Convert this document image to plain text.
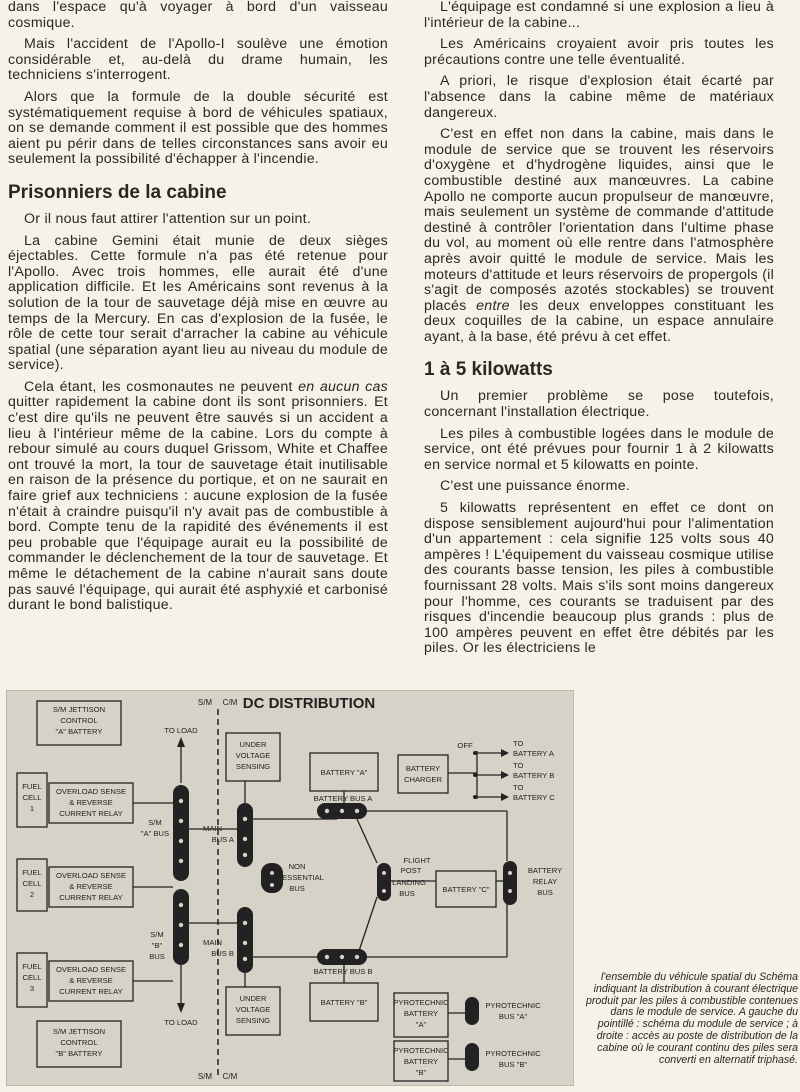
dans l'espace qu'à voyager à bord d'un vaisseau cosmique.

Mais l'accident de l'Apollo-I soulève une émotion considérable et, au-delà du drame humain, les techniciens s'interrogent.

Alors que la formule de la double sécurité est systématiquement requise à bord de véhicules spatiaux, on se demande comment il est possible que des hommes aient pu périr dans de telles circonstances sans avoir eu seulement la possibilité d'échapper à l'incendie.

Prisonniers de la cabine

Or il nous faut attirer l'attention sur un point.

La cabine Gemini était munie de deux sièges éjectables. Cette formule n'a pas été retenue pour l'Apollo. Avec trois hommes, elle aurait été d'une application difficile. Et les Américains sont revenus à la solution de la tour de sauvetage déjà mise en œuvre au temps de la Mercury. En cas d'explosion de la fusée, le rôle de cette tour serait d'arracher la cabine au véhicule spatial (une séparation ayant lieu au niveau du module de service).

Cela étant, les cosmonautes ne peuvent en aucun cas quitter rapidement la cabine dont ils sont prisonniers. Et c'est dire qu'ils ne peuvent être sauvés si un accident a lieu à l'intérieur même de la cabine. Lors du compte à rebour simulé au cours duquel Grissom, White et Chaffee ont trouvé la mort, la tour de sauvetage était inutilisable en raison de la présence du portique, et on ne saurait en faire grief aux techniciens : aucune explosion de la fusée n'était à craindre puisqu'il n'y avait pas de combustible à bord. Compte tenu de la rapidité des événements il est peu probable que l'équipage aurait eu la possibilité de commander le déclenchement de la tour de sauvetage. Et même le détachement de la cabine n'aurait sans doute pas sauvé l'équipage, qui aurait été asphyxié et carbonisé durant le bond balistique.

L'équipage est condamné si une explosion a lieu à l'intérieur de la cabine...

Les Américains croyaient avoir pris toutes les précautions contre une telle éventualité.

A priori, le risque d'explosion était écarté par l'absence dans la cabine même de matériaux dangereux.

C'est en effet non dans la cabine, mais dans le module de service que se trouvent les réservoirs d'oxygène et d'hydrogène liquides, ainsi que le combustible destiné aux manœuvres. La cabine Apollo ne comporte aucun propulseur de manœuvre, mais seulement un système de commande d'attitude destiné à contrôler l'orientation dans l'ultime phase du vol, au moment où elle rentre dans l'atmosphère après avoir quitté le module de service. Mais les moteurs d'attitude et leurs réservoirs de propergols (il s'agit de composés azotés stockables) se trouvent placés entre les deux enveloppes constituant les deux coquilles de la cabine, un espace annulaire ayant, à la base, été prévu à cet effet.

1 à 5 kilowatts

Un premier problème se pose toutefois, concernant l'installation électrique.

Les piles à combustible logées dans le module de service, ont été prévues pour fournir 1 à 2 kilowatts en service normal et 5 kilowatts en pointe.

C'est une puissance énorme.

5 kilowatts représentent en effet ce dont on dispose sensiblement aujourd'hui pour l'alimentation d'un appartement : cela signifie 125 volts sous 40 ampères ! L'équipement du vaisseau cosmique utilise des courants basse tension, les piles à combustible fournissant 28 volts. Mais s'ils sont moins dangereux pour l'homme, ces courants se traduisent par des risques d'incendie beaucoup plus grands : plus de 100 ampères peuvent en effet être débités par les piles. Or les électriciens le

S/M JETTISON
CONTROL
"A" BATTERY
FUEL
CELL
1
OVERLOAD SENSE
& REVERSE
CURRENT RELAY
FUEL
CELL
2
OVERLOAD SENSE
& REVERSE
CURRENT RELAY
FUEL
CELL
3
OVERLOAD SENSE
& REVERSE
CURRENT RELAY
S/M JETTISON
CONTROL
"B" BATTERY
TO LOAD
TO LOAD
S/M
"A" BUS
S/M
"B"
BUS
UNDER
VOLTAGE
SENSING
UNDER
VOLTAGE
SENSING
MAIN
BUS A
MAIN
BUS B
NON
ESSENTIAL
BUS
BATTERY "A"
BATTERY "B"
BATTERY "C"
BATTERY BUS A
BATTERY BUS B
FLIGHT
POST
LANDING
BUS
BATTERY
CHARGER
OFF	TO
BATTERY A
TO
BATTERY B
TO
BATTERY C
BATTERY
RELAY
BUS
PYROTECHNIC
BATTERY
"A"
PYROTECHNIC
BATTERY
"B"
PYROTECHNIC
BUS "A"
PYROTECHNIC
BUS "B"
S/M C/M
S/M C/M
DC DISTRIBUTION
l'ensemble du véhicule spatial du Schéma indiquant la distribution à courant électrique produit par les piles à combustible contenues dans le module de service. A gauche du pointillé : schéma du module de service ; à droite : accès au poste de distribution de la cabine où le courant continu des piles sera converti en alternatif triphasé.
